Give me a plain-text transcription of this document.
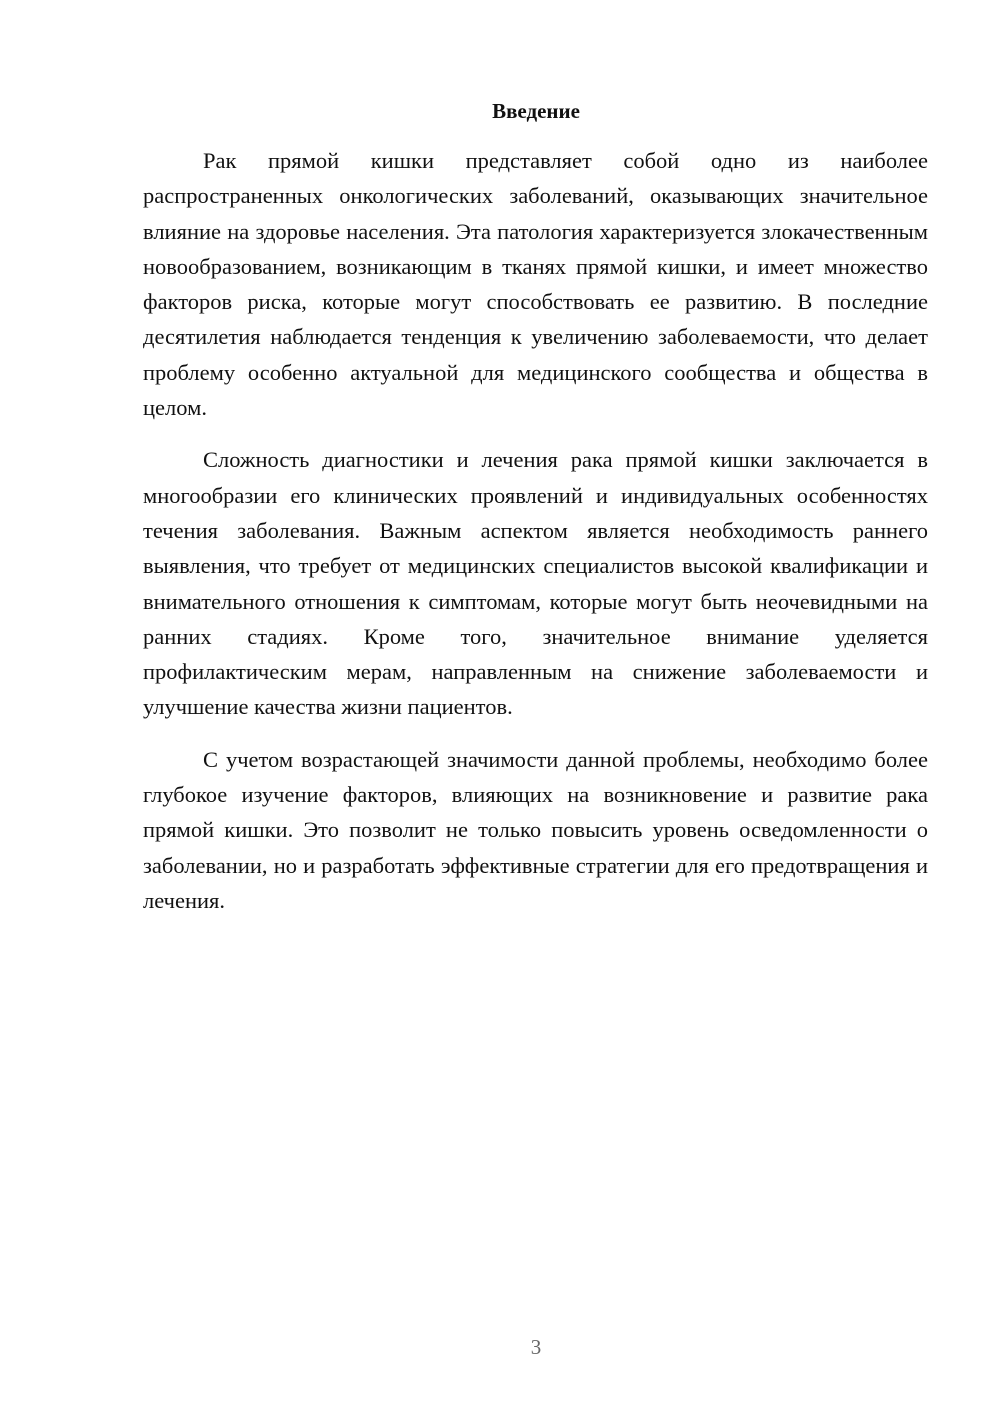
Введение

Рак прямой кишки представляет собой одно из наиболее распространенных онкологических заболеваний, оказывающих значительное влияние на здоровье населения. Эта патология характеризуется злокачественным новообразованием, возникающим в тканях прямой кишки, и имеет множество факторов риска, которые могут способствовать ее развитию. В последние десятилетия наблюдается тенденция к увеличению заболеваемости, что делает проблему особенно актуальной для медицинского сообщества и общества в целом.

Сложность диагностики и лечения рака прямой кишки заключается в многообразии его клинических проявлений и индивидуальных особенностях течения заболевания. Важным аспектом является необходимость раннего выявления, что требует от медицинских специалистов высокой квалификации и внимательного отношения к симптомам, которые могут быть неочевидными на ранних стадиях. Кроме того, значительное внимание уделяется профилактическим мерам, направленным на снижение заболеваемости и улучшение качества жизни пациентов.

С учетом возрастающей значимости данной проблемы, необходимо более глубокое изучение факторов, влияющих на возникновение и развитие рака прямой кишки. Это позволит не только повысить уровень осведомленности о заболевании, но и разработать эффективные стратегии для его предотвращения и лечения.

3
